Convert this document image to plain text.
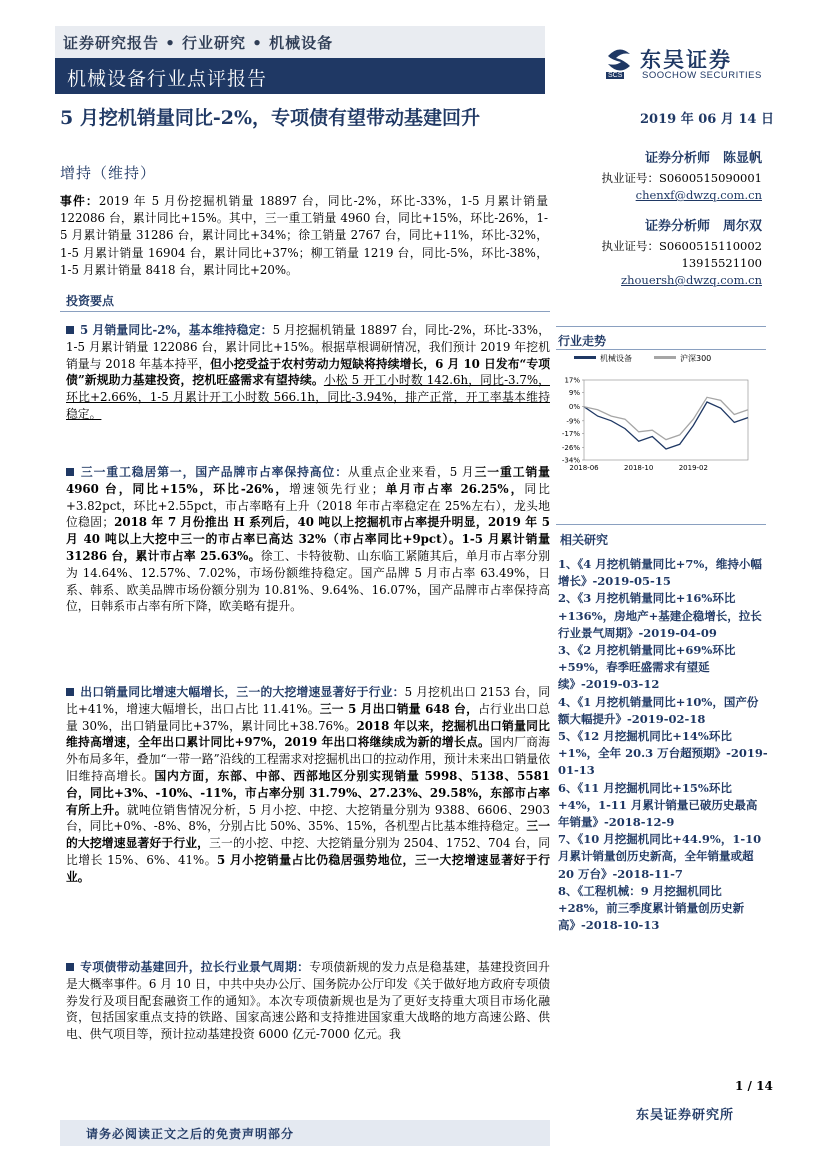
证券研究报告 • 行业研究 • 机械设备
机械设备行业点评报告	SCS
东吴证券
SOOCHOW SECURITIES
5 月挖机销量同比-2%，专项债有望带动基建回升	2019 年 06 月 14 日
增持（维持）
证券分析师　陈显帆
执业证号：S0600515090001
chenxf@dwzq.com.cn
证券分析师　周尔双
执业证号：S0600515110002
13915521100
zhouersh@dwzq.com.cn
事件：2019 年 5 月份挖掘机销量 18897 台，同比-2%，环比-33%，1-5 月累计销量 122086 台，累计同比+15%。其中，三一重工销量 4960 台，同比+15%，环比-26%，1-5 月累计销量 31286 台，累计同比+34%；徐工销量 2767 台，同比+11%，环比-32%，1-5 月累计销量 16904 台，累计同比+37%；柳工销量 1219 台，同比-5%，环比-38%，1-5 月累计销量 8418 台，累计同比+20%。
投资要点
5 月销量同比-2%，基本维持稳定：5 月挖掘机销量 18897 台，同比-2%，环比-33%，1-5 月累计销量 122086 台，累计同比+15%。根据草根调研情况，我们预计 2019 年挖机销量与 2018 年基本持平，但小挖受益于农村劳动力短缺将持续增长，6 月 10 日发布“专项债”新规助力基建投资，挖机旺盛需求有望持续。小松 5 开工小时数 142.6h，同比-3.7%，环比+2.66%，1-5 月累计开工小时数 566.1h，同比-3.94%，排产正常，开工率基本维持稳定。
三一重工稳居第一，国产品牌市占率保持高位：从重点企业来看，5 月三一重工销量 4960 台，同比+15%，环比-26%，增速领先行业；单月市占率 26.25%，同比+3.82pct，环比+2.55pct，市占率略有上升（2018 年市占率稳定在 25%左右），龙头地位稳固；2018 年 7 月份推出 H 系列后，40 吨以上挖掘机市占率提升明显，2019 年 5 月 40 吨以上大挖中三一的市占率已高达 32%（市占率同比+9pct）。1-5 月累计销量 31286 台，累计市占率 25.63%。徐工、卡特彼勒、山东临工紧随其后，单月市占率分别为 14.64%、12.57%、7.02%，市场份额维持稳定。国产品牌 5 月市占率 63.49%，日系、韩系、欧美品牌市场份额分别为 10.81%、9.64%、16.07%，国产品牌市占率保持高位，日韩系市占率有所下降，欧美略有提升。
出口销量同比增速大幅增长，三一的大挖增速显著好于行业：5 月挖机出口 2153 台，同比+41%，增速大幅增长，出口占比 11.41%。三一 5 月出口销量 648 台，占行业出口总量 30%，出口销量同比+37%，累计同比+38.76%。2018 年以来，挖掘机出口销量同比维持高增速，全年出口累计同比+97%，2019 年出口将继续成为新的增长点。国内厂商海外布局多年，叠加“一带一路”沿线的工程需求对挖掘机出口的拉动作用，预计未来出口销量依旧维持高增长。国内方面，东部、中部、西部地区分别实现销量 5998、5138、5581 台，同比+3%、-10%、-11%，市占率分别 31.79%、27.23%、29.58%，东部市占率有所上升。就吨位销售情况分析，5 月小挖、中挖、大挖销量分别为 9388、6606、2903 台，同比+0%、-8%、8%，分别占比 50%、35%、15%，各机型占比基本维持稳定。三一的大挖增速显著好于行业，三一的小挖、中挖、大挖销量分别为 2504、1752、704 台，同比增长 15%、6%、41%。5 月小挖销量占比仍稳居强势地位，三一大挖增速显著好于行业。
专项债带动基建回升，拉长行业景气周期：专项债新规的发力点是稳基建，基建投资回升是大概率事件。6 月 10 日，中共中央办公厅、国务院办公厅印发《关于做好地方政府专项债券发行及项目配套融资工作的通知》。本次专项债新规也是为了更好支持重大项目市场化融资，包括国家重点支持的铁路、国家高速公路和支持推进国家重大战略的地方高速公路、供电、供气项目等，预计拉动基建投资 6000 亿元-7000 亿元。我
行业走势
机械设备	沪深300
17%
9%
0%
-9%
-17%
-26%
-34%
2018-06	2018-10	2019-02
相关研究
1、《4 月挖机销量同比+7%，维持小幅增长》-2019-05-15
2、《3 月挖机销量同比+16%环比+136%，房地产+基建企稳增长，拉长行业景气周期》-2019-04-09
3、《2 月挖机销量同比+69%环比+59%，春季旺盛需求有望延续》-2019-03-12
4、《1 月挖机销量同比+10%，国产份额大幅提升》-2019-02-18
5、《12 月挖掘机同比+14%环比+1%，全年 20.3 万台超预期》-2019-01-13
6、《11 月挖掘机同比+15%环比+4%，1-11 月累计销量已破历史最高年销量》-2018-12-9
7、《10 月挖掘机同比+44.9%，1-10 月累计销量创历史新高，全年销量或超 20 万台》-2018-11-7
8、《工程机械：9 月挖掘机同比+28%，前三季度累计销量创历史新高》-2018-10-13
1 / 14
东吴证券研究所
请务必阅读正文之后的免责声明部分
